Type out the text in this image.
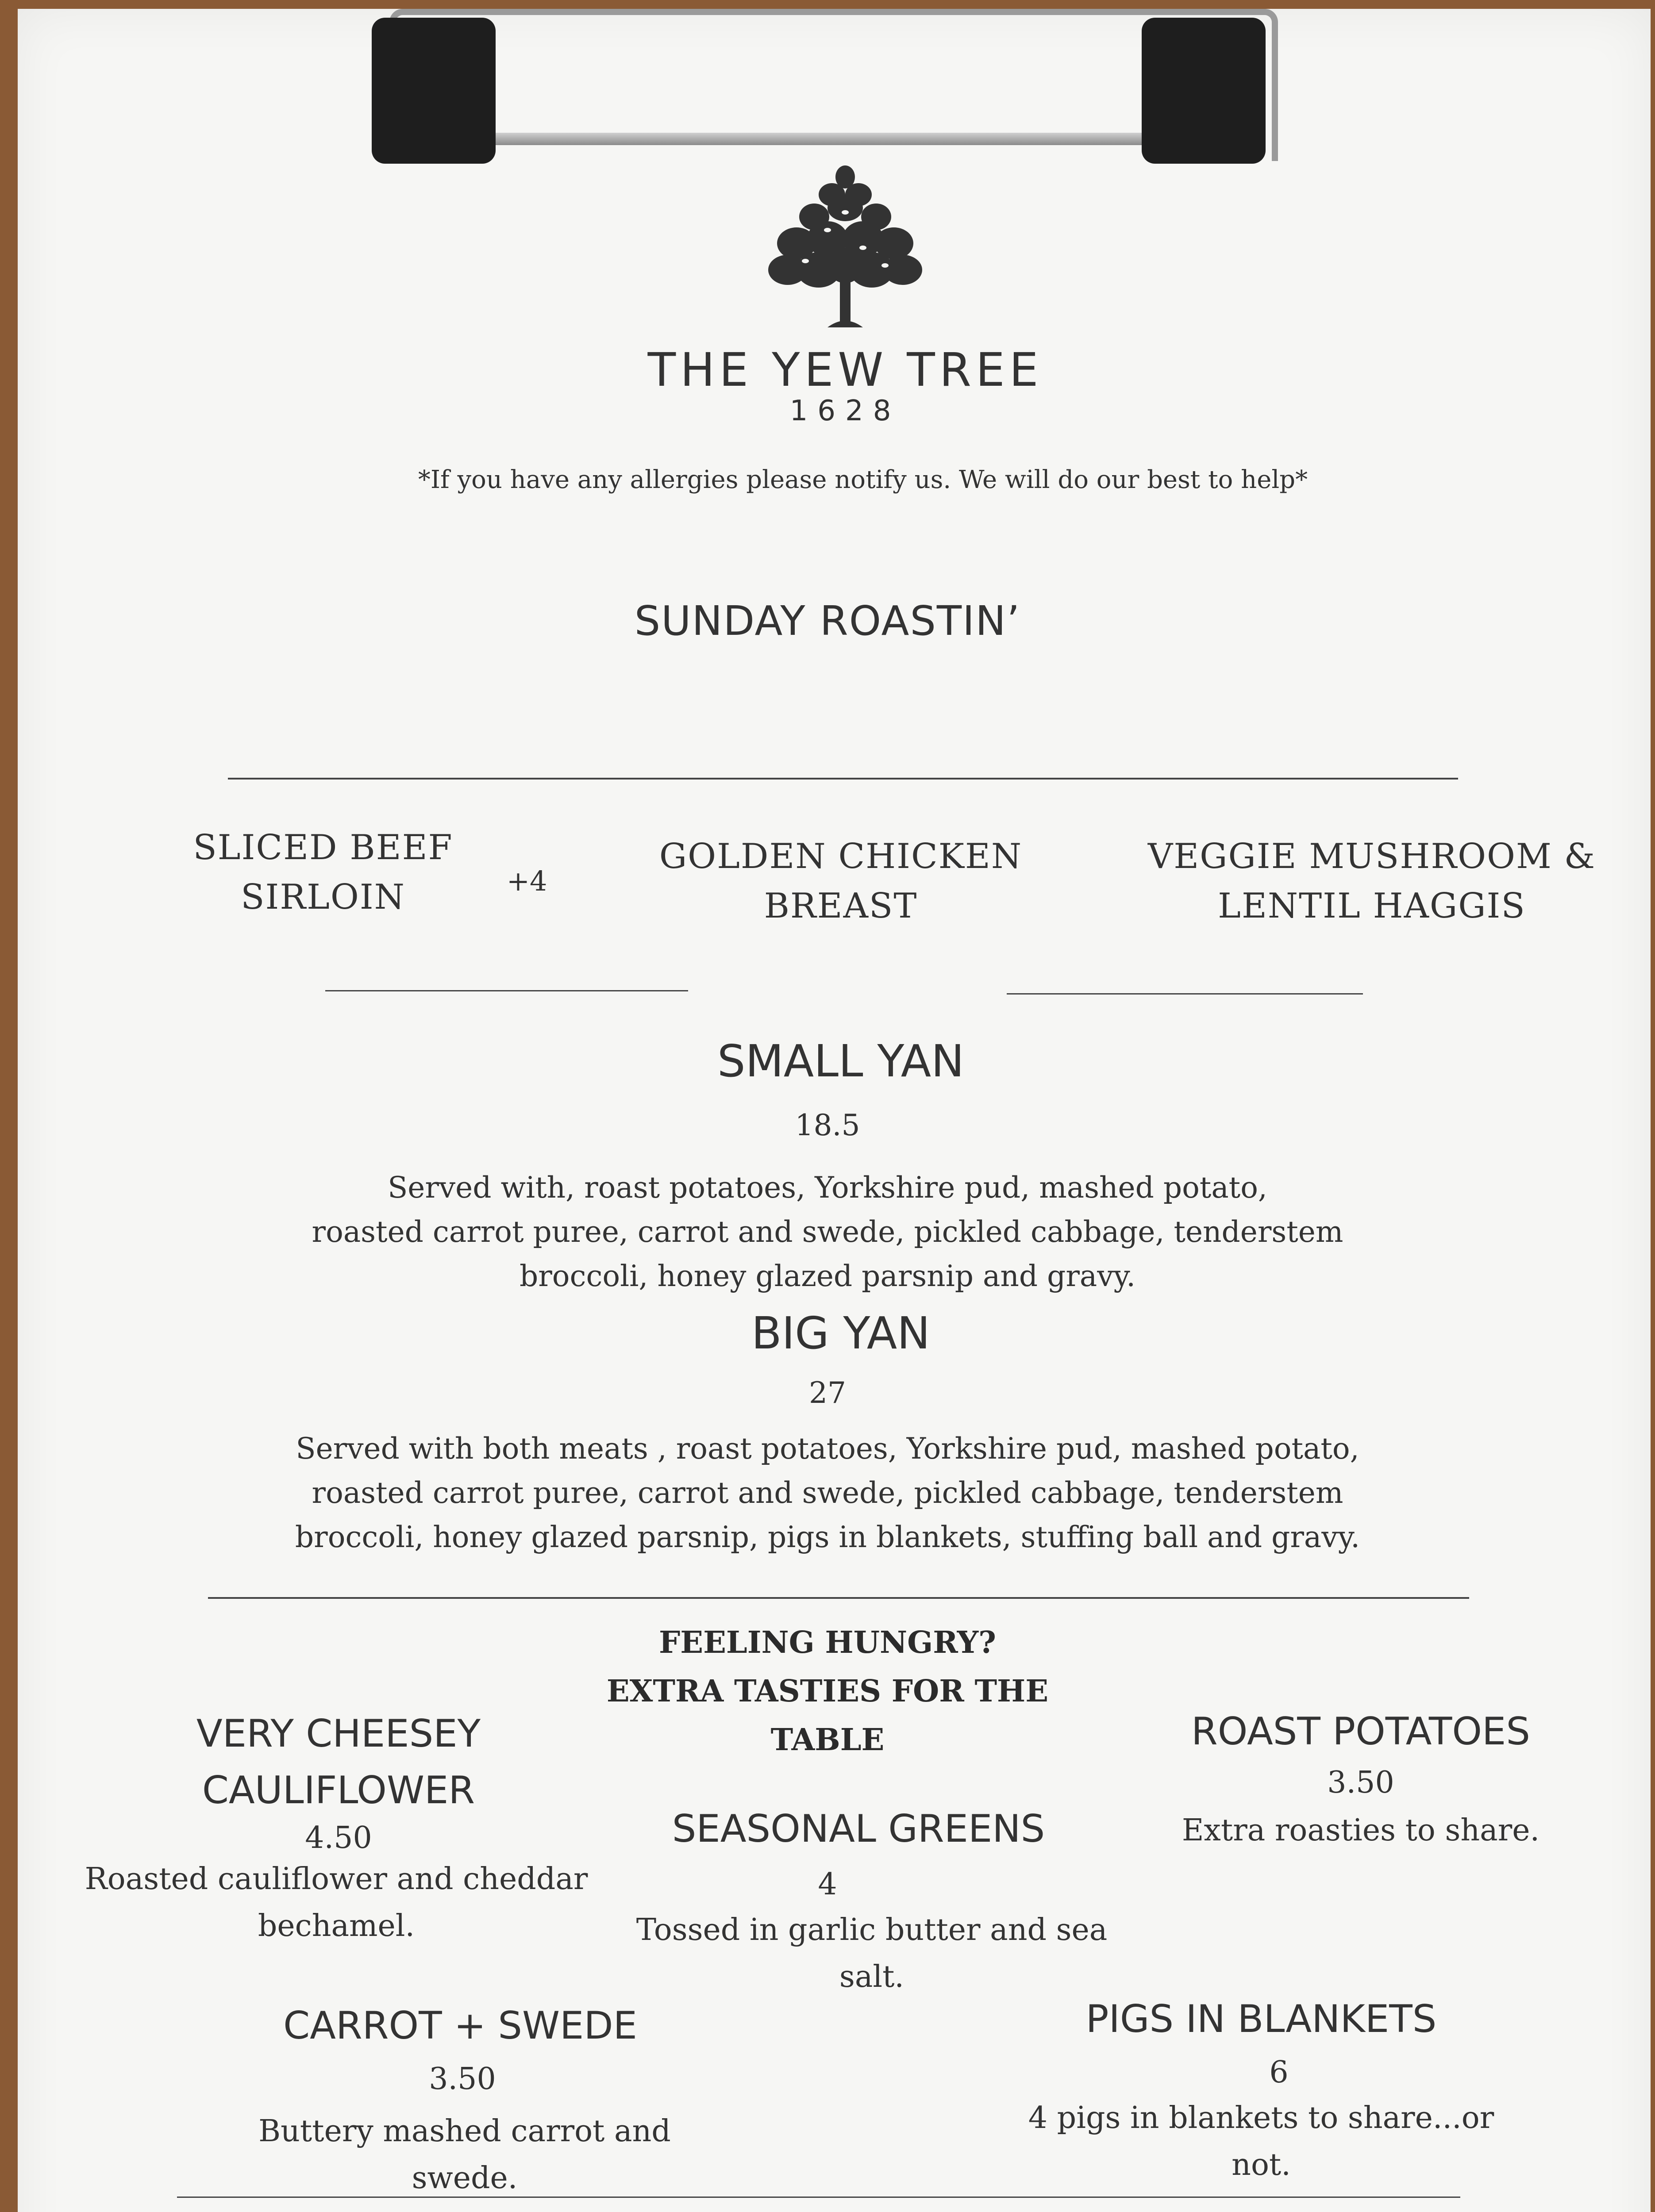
THE YEW TREE
1628
*If you have any allergies please notify us. We will do our best to help*
SUNDAY ROASTIN’
SLICED BEEF
SIRLOIN	+4
GOLDEN CHICKEN
BREAST
VEGGIE MUSHROOM &
LENTIL HAGGIS
SMALL YAN
18.5
Served with, roast potatoes, Yorkshire pud, mashed potato,
roasted carrot puree, carrot and swede, pickled cabbage, tenderstem
broccoli, honey glazed parsnip and gravy.
BIG YAN
27
Served with both meats , roast potatoes, Yorkshire pud, mashed potato,
roasted carrot puree, carrot and swede, pickled cabbage, tenderstem
broccoli, honey glazed parsnip, pigs in blankets, stuffing ball and gravy.
FEELING HUNGRY?
EXTRA TASTIES FOR THE
TABLE
VERY CHEESEY
CAULIFLOWER
4.50
Roasted cauliflower and cheddar
bechamel.
SEASONAL GREENS
4
Tossed in garlic butter and sea
salt.
ROAST POTATOES
3.50
Extra roasties to share.
CARROT + SWEDE
3.50
Buttery mashed carrot and
swede.
PIGS IN BLANKETS
6
4 pigs in blankets to share...or
not.
